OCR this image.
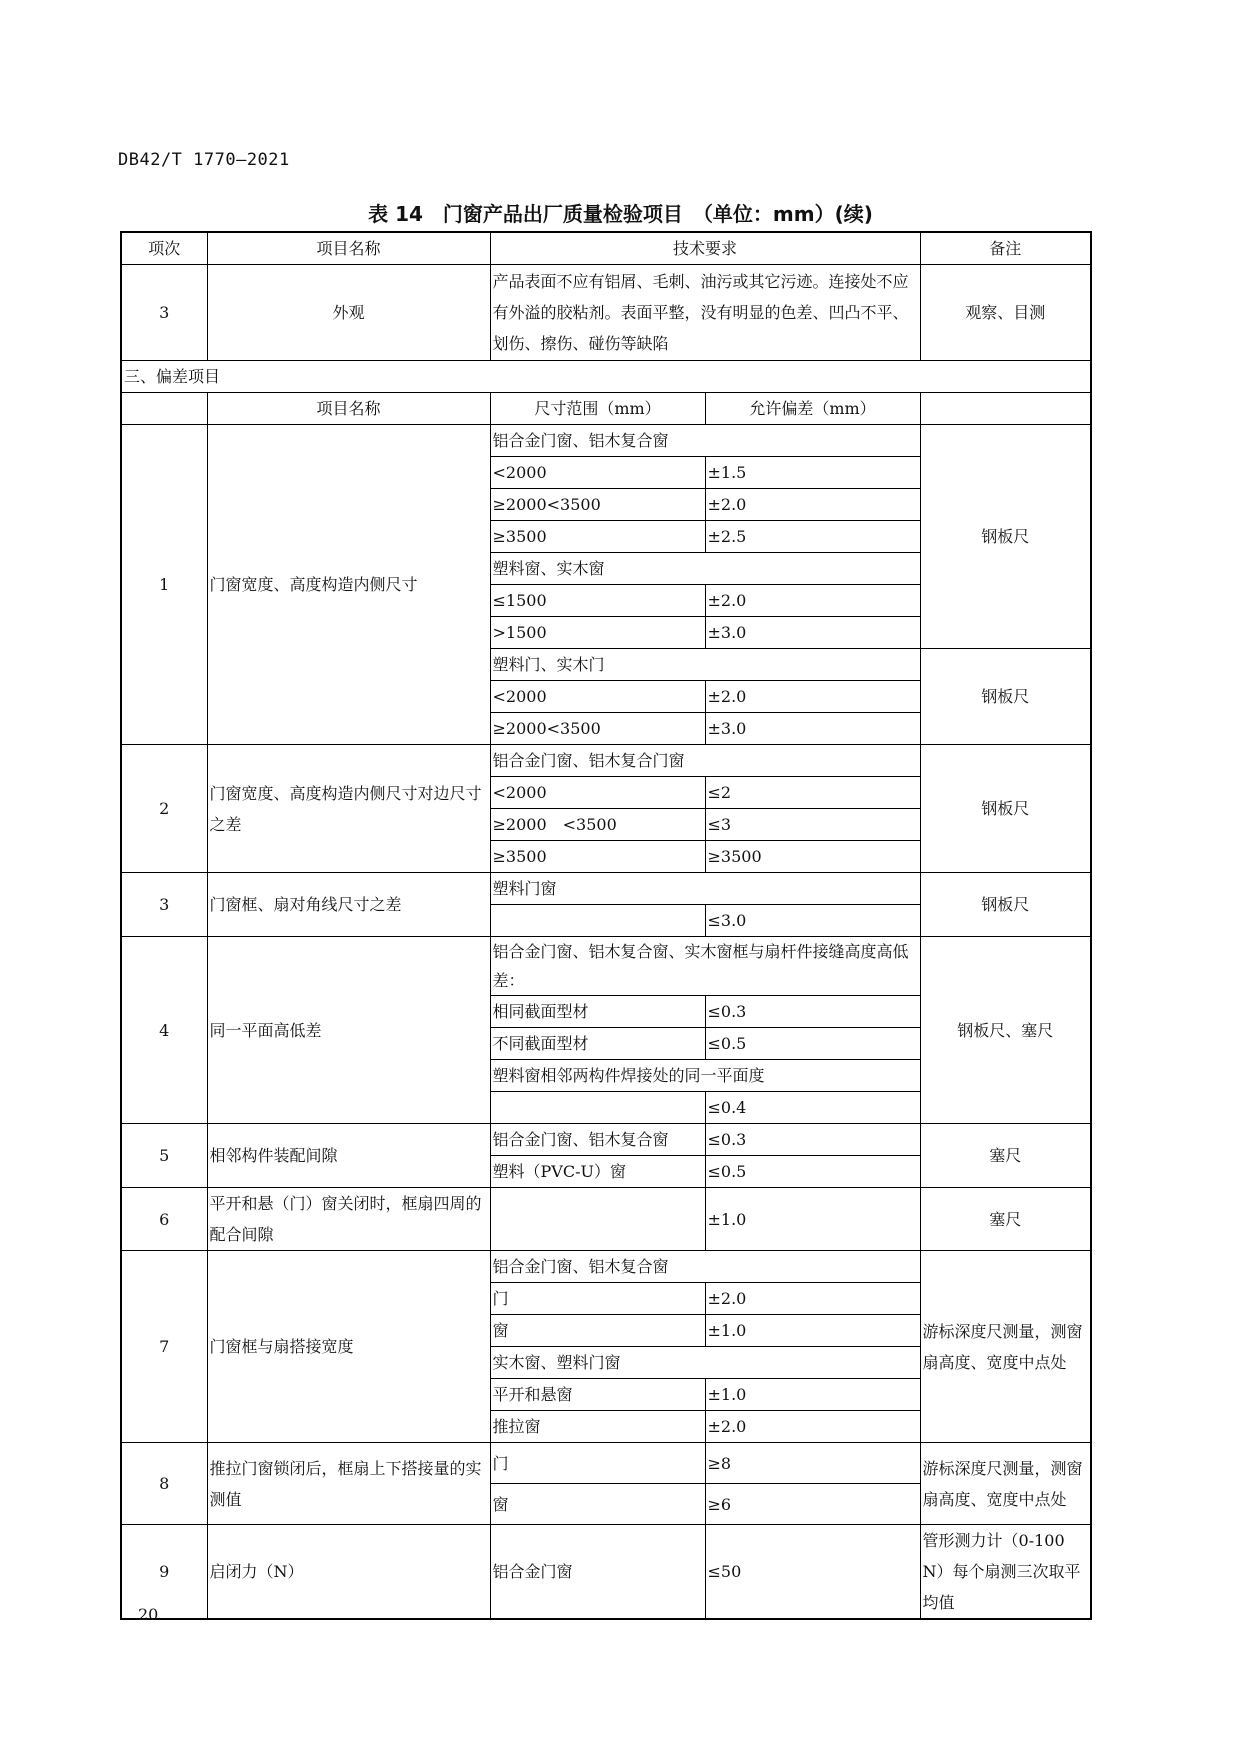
DB42/T 1770—2021
表 14　门窗产品出厂质量检验项目　（单位：mm）(续)
项次	项目名称	技术要求		备注
3	外观	产品表面不应有铝屑、毛刺、油污或其它污迹。连接处不应有外溢的胶粘剂。表面平整，没有明显的色差、凹凸不平、划伤、擦伤、碰伤等缺陷		观察、目测
三、偏差项目				
	项目名称	尺寸范围（mm）	允许偏差（mm）	
1	门窗宽度、高度构造内侧尺寸	铝合金门窗、铝木复合窗		钢板尺
		<2000	±1.5	
		≥2000<3500	±2.0	
		≥3500	±2.5	
		塑料窗、实木窗		
		≤1500	±2.0	
		>1500	±3.0	
		塑料门、实木门		钢板尺
		<2000	±2.0	
		≥2000<3500	±3.0	
2	门窗宽度、高度构造内侧尺寸对边尺寸之差	铝合金门窗、铝木复合门窗		钢板尺
		<2000	≤2	
		≥2000　<3500	≤3	
		≥3500	≥3500	
3	门窗框、扇对角线尺寸之差	塑料门窗		钢板尺
			≤3.0	
4	同一平面高低差	铝合金门窗、铝木复合窗、实木窗框与扇杆件接缝高度高低差：		钢板尺、塞尺
		相同截面型材	≤0.3	
		不同截面型材	≤0.5	
		塑料窗相邻两构件焊接处的同一平面度		
			≤0.4	
5	相邻构件装配间隙	铝合金门窗、铝木复合窗	≤0.3	塞尺
		塑料（PVC-U）窗	≤0.5	
6	平开和悬（门）窗关闭时，框扇四周的配合间隙		±1.0	塞尺
7	门窗框与扇搭接宽度	铝合金门窗、铝木复合窗		游标深度尺测量，测窗扇高度、宽度中点处
		门	±2.0	
		窗	±1.0	
		实木窗、塑料门窗		
		平开和悬窗	±1.0	
		推拉窗	±2.0	
8	推拉门窗锁闭后，框扇上下搭接量的实测值	门	≥8	游标深度尺测量，测窗扇高度、宽度中点处
		窗	≥6	
9	启闭力（N）	铝合金门窗	≤50	管形测力计（0-100 N）每个扇测三次取平均值
20
